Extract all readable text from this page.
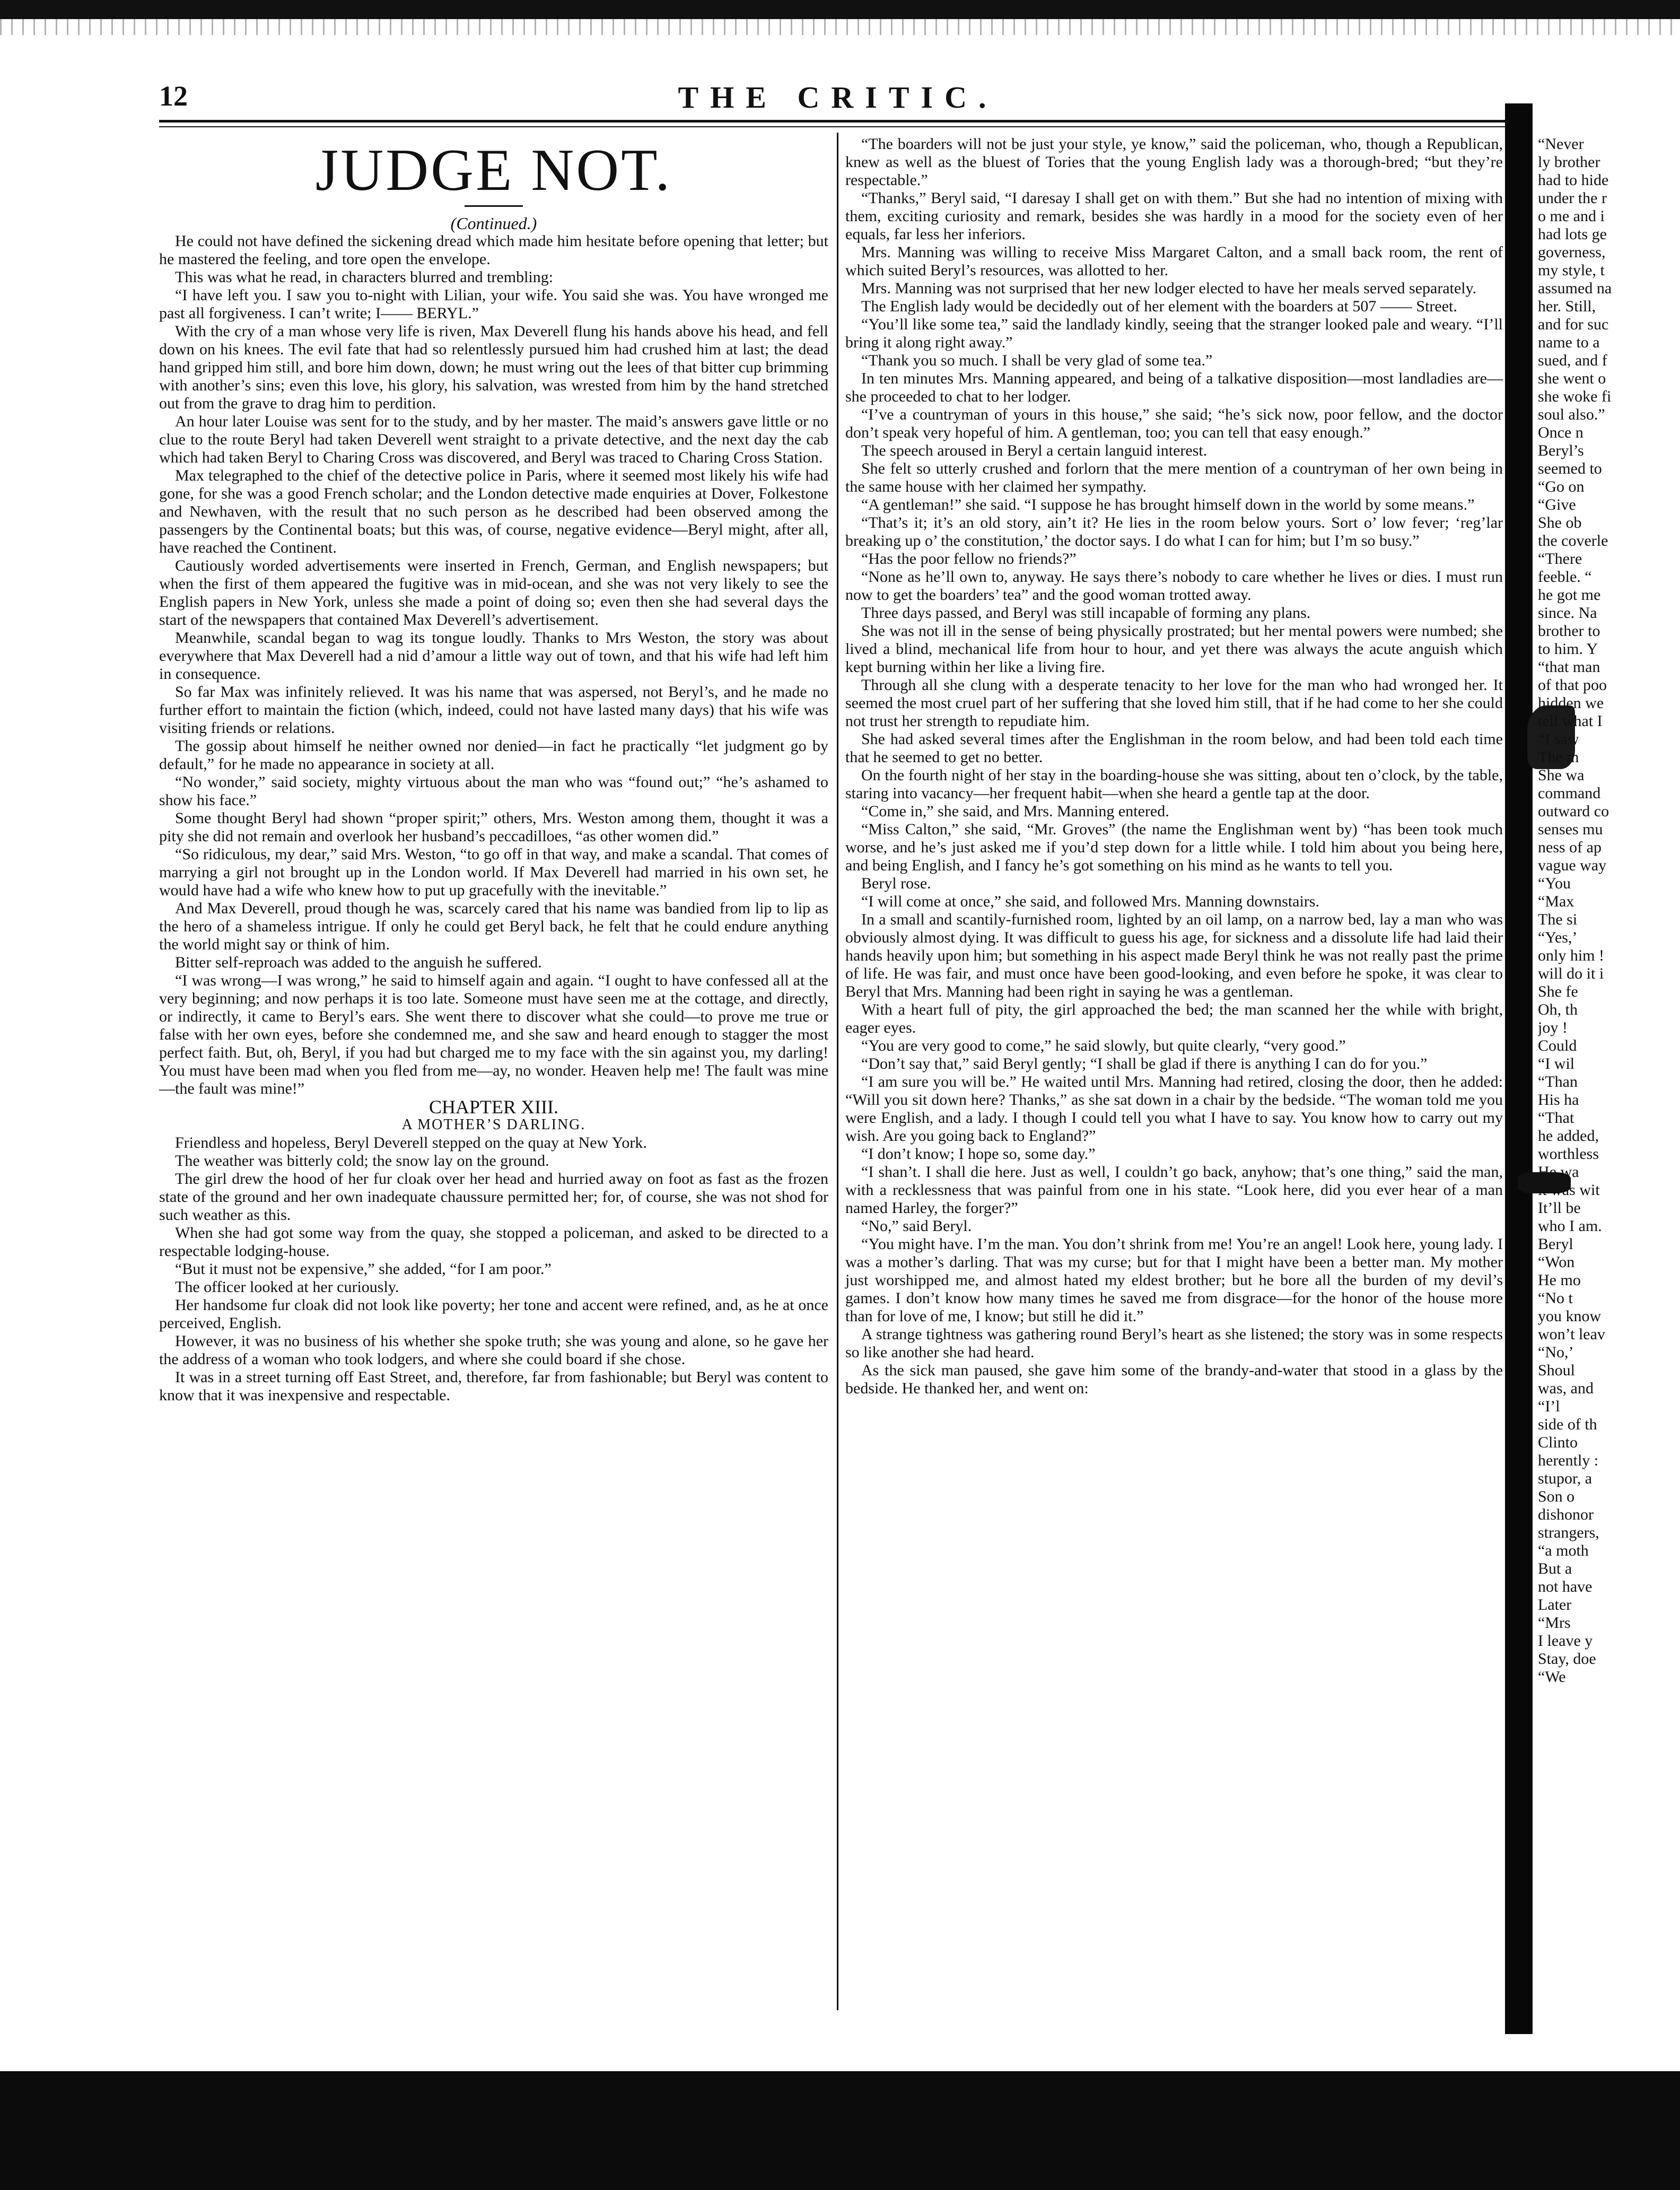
THE CRITIC.
12
JUDGE NOT.

(Continued.)

He could not have defined the sickening dread which made him hesitate before opening that letter; but he mastered the feeling, and tore open the envelope.

This was what he read, in characters blurred and trembling:

“I have left you. I saw you to-night with Lilian, your wife. You said she was. You have wronged me past all forgiveness. I can’t write; I—— BERYL.”

With the cry of a man whose very life is riven, Max Deverell flung his hands above his head, and fell down on his knees. The evil fate that had so relentlessly pursued him had crushed him at last; the dead hand gripped him still, and bore him down, down; he must wring out the lees of that bitter cup brimming with another’s sins; even this love, his glory, his salvation, was wrested from him by the hand stretched out from the grave to drag him to perdition.

An hour later Louise was sent for to the study, and by her master. The maid’s answers gave little or no clue to the route Beryl had taken Deverell went straight to a private detective, and the next day the cab which had taken Beryl to Charing Cross was discovered, and Beryl was traced to Charing Cross Station.

Max telegraphed to the chief of the detective police in Paris, where it seemed most likely his wife had gone, for she was a good French scholar; and the London detective made enquiries at Dover, Folkestone and Newhaven, with the result that no such person as he described had been observed among the passengers by the Continental boats; but this was, of course, negative evidence—Beryl might, after all, have reached the Continent.

Cautiously worded advertisements were inserted in French, German, and English newspapers; but when the first of them appeared the fugitive was in mid-ocean, and she was not very likely to see the English papers in New York, unless she made a point of doing so; even then she had several days the start of the newspapers that contained Max Deverell’s advertisement.

Meanwhile, scandal began to wag its tongue loudly. Thanks to Mrs Weston, the story was about everywhere that Max Deverell had a nid d’amour a little way out of town, and that his wife had left him in consequence.

So far Max was infinitely relieved. It was his name that was aspersed, not Beryl’s, and he made no further effort to maintain the fiction (which, indeed, could not have lasted many days) that his wife was visiting friends or relations.

The gossip about himself he neither owned nor denied—in fact he practically “let judgment go by default,” for he made no appearance in society at all.

“No wonder,” said society, mighty virtuous about the man who was “found out;” “he’s ashamed to show his face.”

Some thought Beryl had shown “proper spirit;” others, Mrs. Weston among them, thought it was a pity she did not remain and overlook her husband’s peccadilloes, “as other women did.”

“So ridiculous, my dear,” said Mrs. Weston, “to go off in that way, and make a scandal. That comes of marrying a girl not brought up in the London world. If Max Deverell had married in his own set, he would have had a wife who knew how to put up gracefully with the inevitable.”

And Max Deverell, proud though he was, scarcely cared that his name was bandied from lip to lip as the hero of a shameless intrigue. If only he could get Beryl back, he felt that he could endure anything the world might say or think of him.

Bitter self-reproach was added to the anguish he suffered.

“I was wrong—I was wrong,” he said to himself again and again. “I ought to have confessed all at the very beginning; and now perhaps it is too late. Someone must have seen me at the cottage, and directly, or indirectly, it came to Beryl’s ears. She went there to discover what she could—to prove me true or false with her own eyes, before she condemned me, and she saw and heard enough to stagger the most perfect faith. But, oh, Beryl, if you had but charged me to my face with the sin against you, my darling! You must have been mad when you fled from me—ay, no wonder. Heaven help me! The fault was mine—the fault was mine!”

CHAPTER XIII.

A MOTHER’S DARLING.

Friendless and hopeless, Beryl Deverell stepped on the quay at New York.

The weather was bitterly cold; the snow lay on the ground.

The girl drew the hood of her fur cloak over her head and hurried away on foot as fast as the frozen state of the ground and her own inadequate chaussure permitted her; for, of course, she was not shod for such weather as this.

When she had got some way from the quay, she stopped a policeman, and asked to be directed to a respectable lodging-house.

“But it must not be expensive,” she added, “for I am poor.”

The officer looked at her curiously.

Her handsome fur cloak did not look like poverty; her tone and accent were refined, and, as he at once perceived, English.

However, it was no business of his whether she spoke truth; she was young and alone, so he gave her the address of a woman who took lodgers, and where she could board if she chose.

It was in a street turning off East Street, and, therefore, far from fashionable; but Beryl was content to know that it was inexpensive and respectable.

“The boarders will not be just your style, ye know,” said the policeman, who, though a Republican, knew as well as the bluest of Tories that the young English lady was a thorough-bred; “but they’re respectable.”

“Thanks,” Beryl said, “I daresay I shall get on with them.” But she had no intention of mixing with them, exciting curiosity and remark, besides she was hardly in a mood for the society even of her equals, far less her inferiors.

Mrs. Manning was willing to receive Miss Margaret Calton, and a small back room, the rent of which suited Beryl’s resources, was allotted to her.

Mrs. Manning was not surprised that her new lodger elected to have her meals served separately.

The English lady would be decidedly out of her element with the boarders at 507 —— Street.

“You’ll like some tea,” said the landlady kindly, seeing that the stranger looked pale and weary. “I’ll bring it along right away.”

“Thank you so much. I shall be very glad of some tea.”

In ten minutes Mrs. Manning appeared, and being of a talkative disposition—most landladies are—she proceeded to chat to her lodger.

“I’ve a countryman of yours in this house,” she said; “he’s sick now, poor fellow, and the doctor don’t speak very hopeful of him. A gentleman, too; you can tell that easy enough.”

The speech aroused in Beryl a certain languid interest.

She felt so utterly crushed and forlorn that the mere mention of a countryman of her own being in the same house with her claimed her sympathy.

“A gentleman!” she said. “I suppose he has brought himself down in the world by some means.”

“That’s it; it’s an old story, ain’t it? He lies in the room below yours. Sort o’ low fever; ‘reg’lar breaking up o’ the constitution,’ the doctor says. I do what I can for him; but I’m so busy.”

“Has the poor fellow no friends?”

“None as he’ll own to, anyway. He says there’s nobody to care whether he lives or dies. I must run now to get the boarders’ tea” and the good woman trotted away.

Three days passed, and Beryl was still incapable of forming any plans.

She was not ill in the sense of being physically prostrated; but her mental powers were numbed; she lived a blind, mechanical life from hour to hour, and yet there was always the acute anguish which kept burning within her like a living fire.

Through all she clung with a desperate tenacity to her love for the man who had wronged her. It seemed the most cruel part of her suffering that she loved him still, that if he had come to her she could not trust her strength to repudiate him.

She had asked several times after the Englishman in the room below, and had been told each time that he seemed to get no better.

On the fourth night of her stay in the boarding-house she was sitting, about ten o’clock, by the table, staring into vacancy—her frequent habit—when she heard a gentle tap at the door.

“Come in,” she said, and Mrs. Manning entered.

“Miss Calton,” she said, “Mr. Groves” (the name the Englishman went by) “has been took much worse, and he’s just asked me if you’d step down for a little while. I told him about you being here, and being English, and I fancy he’s got something on his mind as he wants to tell you.

Beryl rose.

“I will come at once,” she said, and followed Mrs. Manning downstairs.

In a small and scantily-furnished room, lighted by an oil lamp, on a narrow bed, lay a man who was obviously almost dying. It was difficult to guess his age, for sickness and a dissolute life had laid their hands heavily upon him; but something in his aspect made Beryl think he was not really past the prime of life. He was fair, and must once have been good-looking, and even before he spoke, it was clear to Beryl that Mrs. Manning had been right in saying he was a gentleman.

With a heart full of pity, the girl approached the bed; the man scanned her the while with bright, eager eyes.

“You are very good to come,” he said slowly, but quite clearly, “very good.”

“Don’t say that,” said Beryl gently; “I shall be glad if there is anything I can do for you.”

“I am sure you will be.” He waited until Mrs. Manning had retired, closing the door, then he added: “Will you sit down here? Thanks,” as she sat down in a chair by the bedside. “The woman told me you were English, and a lady. I though I could tell you what I have to say. You know how to carry out my wish. Are you going back to England?”

“I don’t know; I hope so, some day.”

“I shan’t. I shall die here. Just as well, I couldn’t go back, anyhow; that’s one thing,” said the man, with a recklessness that was painful from one in his state. “Look here, did you ever hear of a man named Harley, the forger?”

“No,” said Beryl.

“You might have. I’m the man. You don’t shrink from me! You’re an angel! Look here, young lady. I was a mother’s darling. That was my curse; but for that I might have been a better man. My mother just worshipped me, and almost hated my eldest brother; but he bore all the burden of my devil’s games. I don’t know how many times he saved me from disgrace—for the honor of the house more than for love of me, I know; but still he did it.”

A strange tightness was gathering round Beryl’s heart as she listened; the story was in some respects so like another she had heard.

As the sick man paused, she gave him some of the brandy-and-water that stood in a glass by the bedside. He thanked her, and went on:

“Never
ly brother
had to hide
under the r
o me and i
had lots ge
governess,
my style, t
assumed na
her. Still,
and for suc
name to a
sued, and f
she went o
she woke fi
soul also.”
Once n
Beryl’s
seemed to
“Go on
“Give
She ob
the coverle
“There
feeble. “
he got me
since. Na
brother to
to him. Y
“that man
of that poo
hidden we
tell what I
“I saw
The m
She wa
command
outward co
senses mu
ness of ap
vague way
“You
“Max
The si
“Yes,’
only him !
will do it i
She fe
Oh, th
joy !
Could
“I wil
“Than
His ha
“That
he added,
worthless
He wa
it was wit
It’ll be
who I am.
Beryl
“Won
He mo
“No t
you know
won’t leav
“No,’
Shoul
was, and
“I’l
side of th
Clinto
herently :
stupor, a
Son o
dishonor
strangers,
“a moth
But a
not have
Later
“Mrs
I leave y
Stay, doe
“We
